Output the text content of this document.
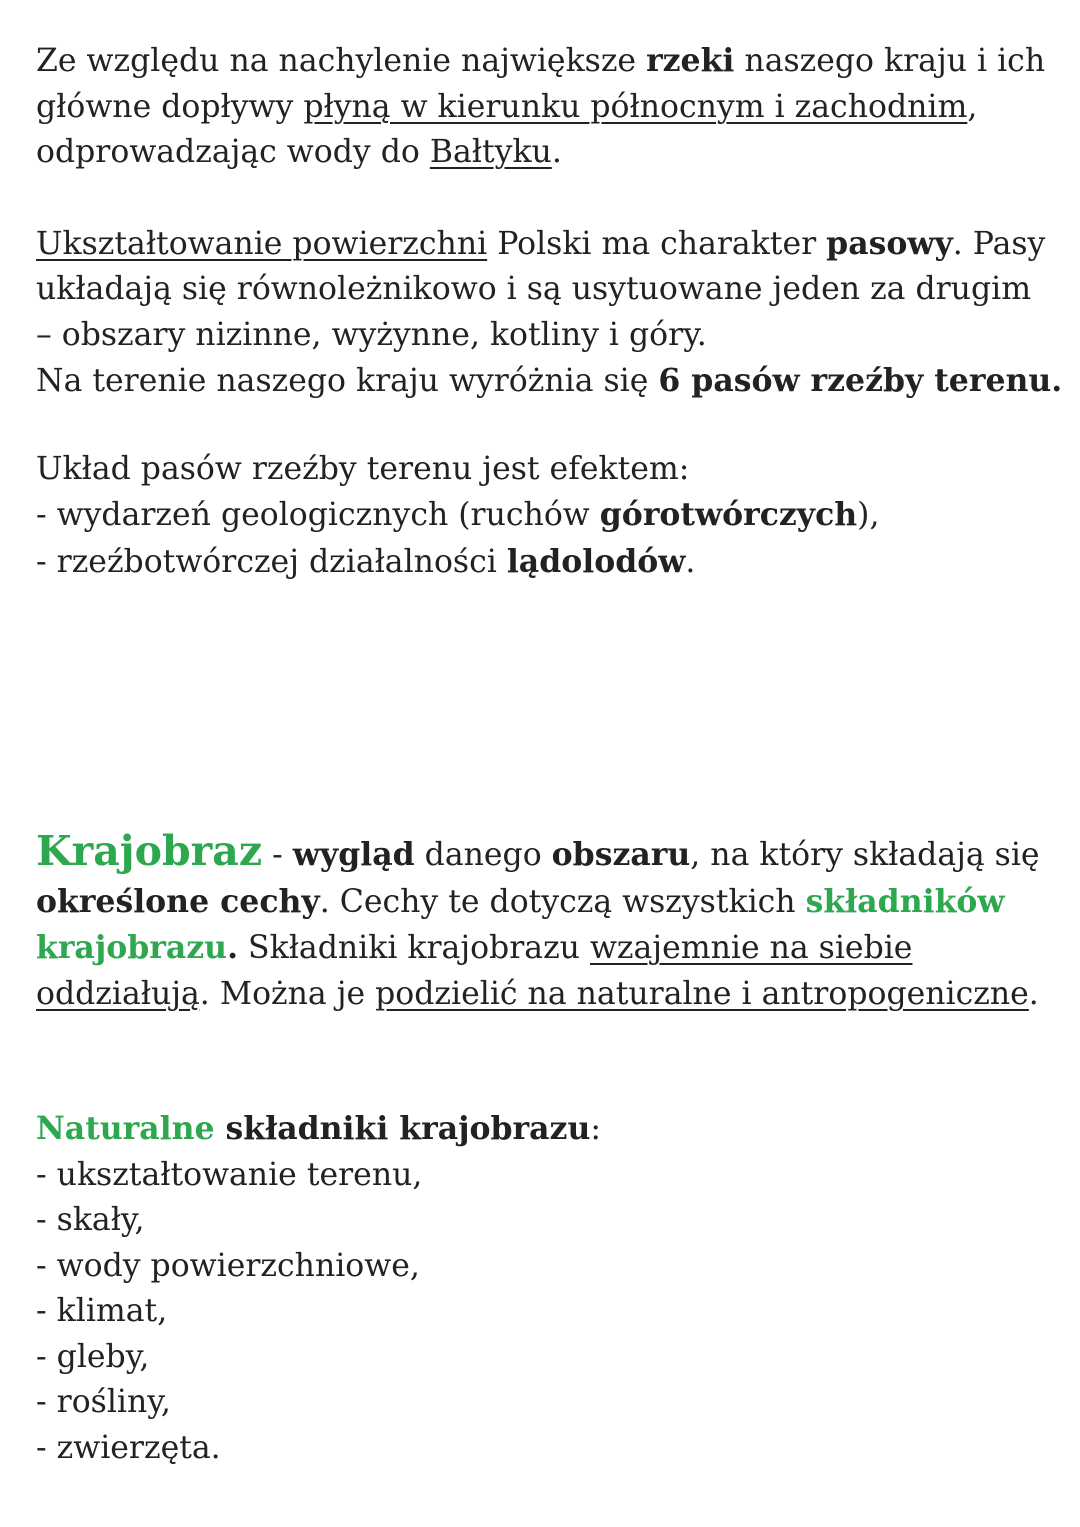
Ze względu na nachylenie największe rzeki naszego kraju i ich
główne dopływy płyną w kierunku północnym i zachodnim,
odprowadzając wody do Bałtyku.

Ukształtowanie powierzchni Polski ma charakter pasowy. Pasy
układają się równoleżnikowo i są usytuowane jeden za drugim
– obszary nizinne, wyżynne, kotliny i góry.
Na terenie naszego kraju wyróżnia się 6 pasów rzeźby terenu.

Układ pasów rzeźby terenu jest efektem:
- wydarzeń geologicznych (ruchów górotwórczych),
- rzeźbotwórczej działalności lądolodów.

Krajobraz - wygląd danego obszaru, na który składają się
określone cechy. Cechy te dotyczą wszystkich składników
krajobrazu. Składniki krajobrazu wzajemnie na siebie
oddziałują. Można je podzielić na naturalne i antropogeniczne.

Naturalne składniki krajobrazu:
- ukształtowanie terenu,
- skały,
- wody powierzchniowe,
- klimat,
- gleby,
- rośliny,
- zwierzęta.
